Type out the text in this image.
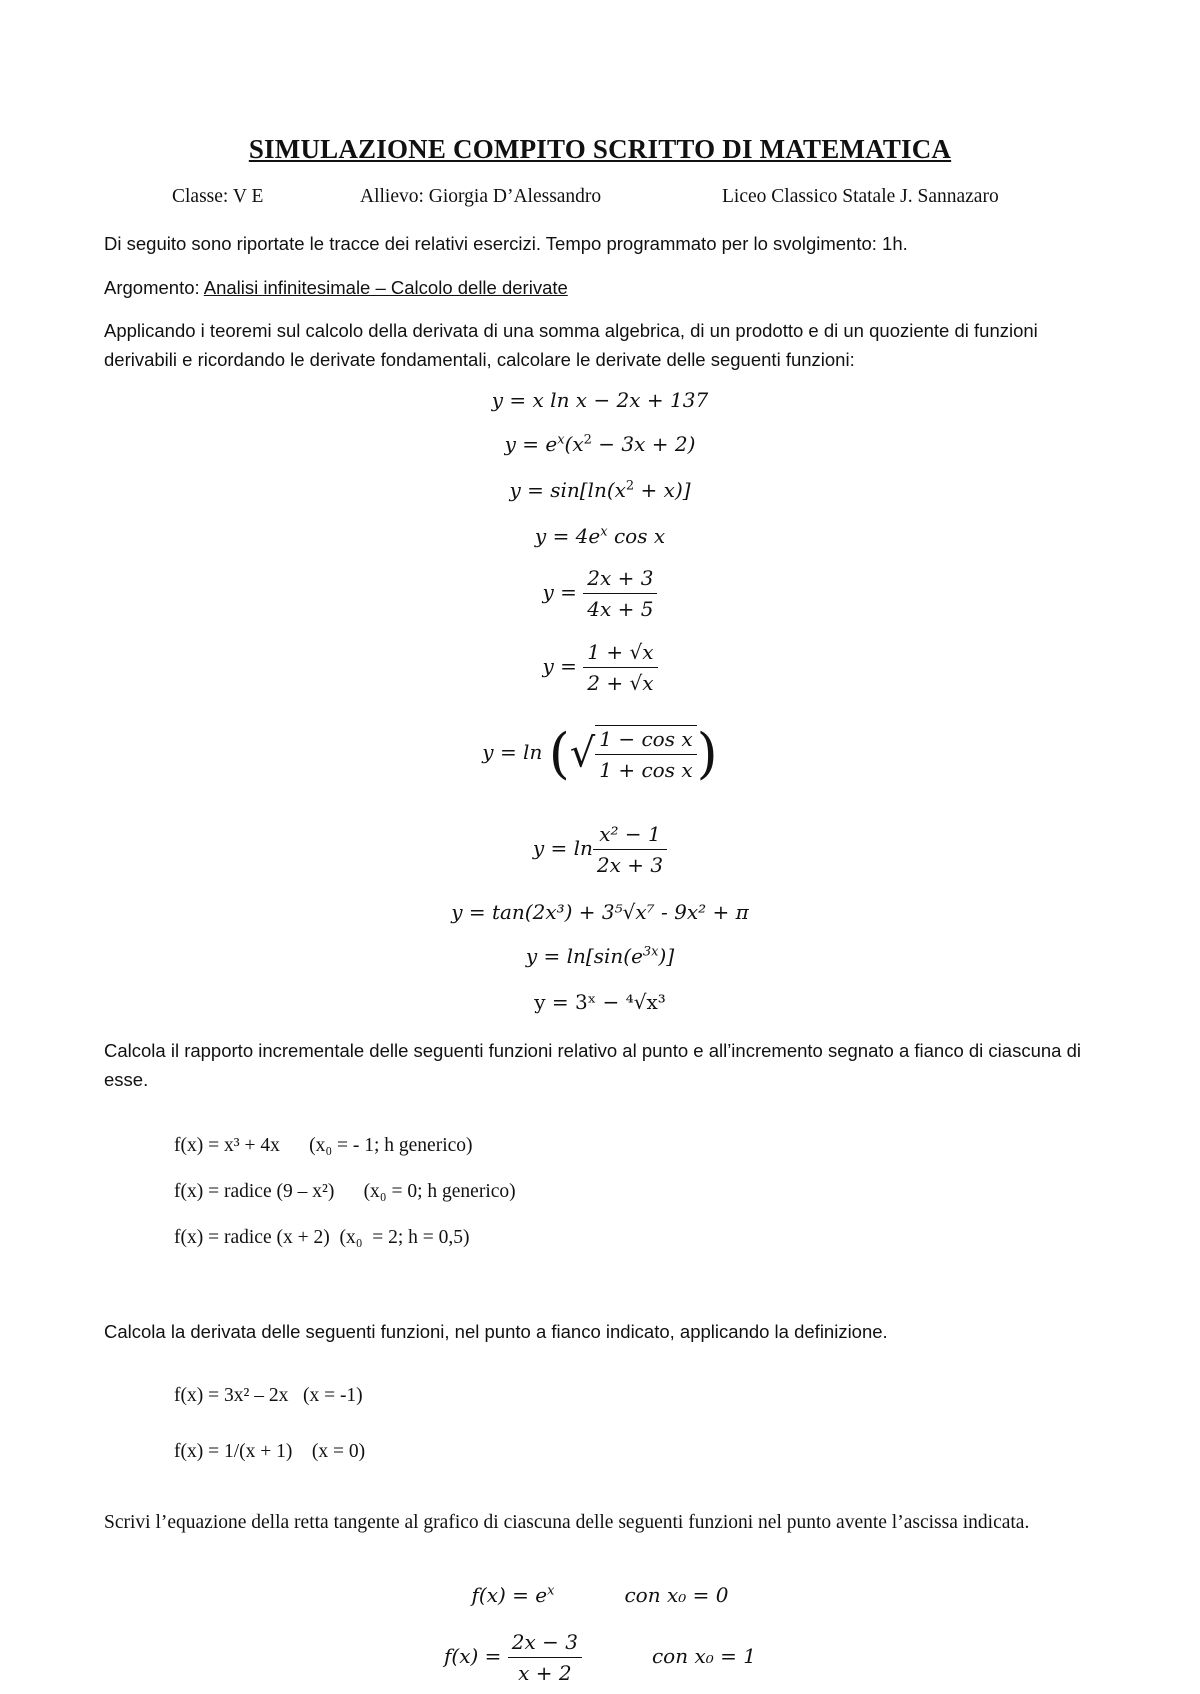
SIMULAZIONE COMPITO SCRITTO DI MATEMATICA
Classe: V E	Allievo: Giorgia D’Alessandro	Liceo Classico Statale J. Sannazaro
Di seguito sono riportate le tracce dei relativi esercizi. Tempo programmato per lo svolgimento: 1h.
Argomento: Analisi infinitesimale – Calcolo delle derivate
Applicando i teoremi sul calcolo della derivata di una somma algebrica, di un prodotto e di un quoziente di funzioni derivabili e ricordando le derivate fondamentali, calcolare le derivate delle seguenti funzioni:
y = x ln x − 2x + 137
$y = e^x(x^2 - 3x + 2)$
$y = \sin[\ln(x^2 + x)]$
$y = 4e^x$ cos x
$y = \frac{2x + 3}{4x + 5}$
$y = \frac{1 + √x}{2 + √x}$
y = ln (√ $\frac{\text{1 − cos x}}{\text{1 + cos x}}$ )
$y = \ln \frac{\text{x² − 1}}{2x + 3}$
y = tan(2x³) + 3⁵√x⁷ - 9x² + π
$y = \ln[\sin(e^{3x})]$
y = 3ˣ − ⁴√x³
Calcola il rapporto incrementale delle seguenti funzioni relativo al punto e all’incremento segnato a fianco di ciascuna di esse.
f(x) = x³ + 4x      (x₀ = - 1; h generico)
f(x) = radice (9 – x²)      (x₀ = 0; h generico)
f(x) = radice (x + 2)  (x₀  = 2; h = 0,5)
Calcola la derivata delle seguenti funzioni, nel punto a fianco indicato, applicando la definizione.
f(x) = 3x² – 2x   (x = -1)
f(x) = 1/(x + 1)    (x = 0)
Scrivi l’equazione della retta tangente al grafico di ciascuna delle seguenti funzioni nel punto avente l’ascissa indicata.
$f(x) = e^x$	con x₀ = 0
$f(x) = \frac{2x - 3}{x + 2}$	con x₀ = 1
